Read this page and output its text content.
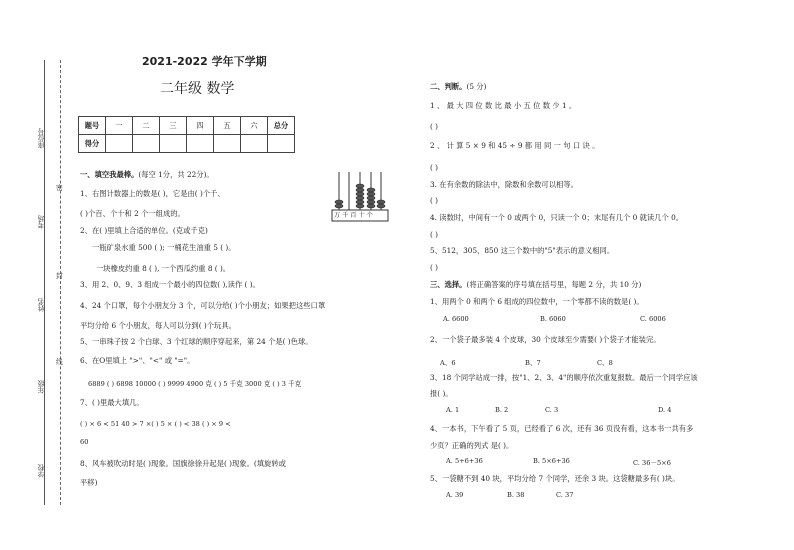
座位号
考场
姓名
年级
学校
密
封
线
2021-2022 学年下学期
二年级 数学
题号	一	二	三	四	五	六	总分
得分							
万 千 百 十 个
一、填空我最棒。(每空 1分，共 22分)。
1、右图计数器上的数是( )，它是由( )个千、
( )个百、个十和 2 个一组成的。
2、在( )里填上合适的单位。(克或千克)
一瓶矿泉水重 500 ( ); 一桶花生油重 5 ( )。
一块橡皮约重 8 ( ), 一个西瓜约重 8 ( )。
3、用 2、0、9、3 组成一个最小的四位数( ),读作 ( )。
4、24 个口罩，每个小朋友分 3 个，可以分给( )个小朋友；如果把这些口罩
平均分给 6 个小朋友，每人可以分到( )个玩具。
5、一串珠子按 2 个白球、3 个红球的顺序穿起来，第 24 个是( )色球。
6、在O里填上 ">"、"<" 或 "="。
6889 ( ) 6898 10000 ( ) 9999 4900 克 ( ) 5 千克 3000 克 ( ) 3 千克
7、( )里最大填几。
( ) × 6 < 51 40 > 7 ×( ) 5 × ( ) < 38 ( ) × 9 <
60
8、风车被吹动时是( )现象。国旗徐徐升起是( )现象。(填旋转或
平移)
二、判断。(5 分)
1 、 最 大 四 位 数 比 最 小 五 位 数 少 1 。
( )
2 、 计 算 5 × 9 和 45 ÷ 9 都 用 同 一 句 口 诀 。
( )
3. 在有余数的除法中，除数和余数可以相等。
( )
4. 读数时，中间有一个 0 或两个 0，只读一个 0；末尾有几个 0 就读几个 0。
( )
5、512，305，850 这三个数中的"5"表示的意义相同。
( )
三、选择。(将正确答案的序号填在括号里，每题 2 分，共 10 分)
1、用两个 0 和两个 6 组成的四位数中，一个零都不读的数是( )。
A. 6600	B. 6060	C. 6006
2、一个袋子最多装 4 个皮球，30 个皮球至少需要( )个袋子才能装完。
A、6	B、7	C、8
3、18 个同学站成一排，按"1、2、3、4"的顺序依次重复报数。最后一个同学应该
报( )。
A. 1	B. 2	C. 3	D. 4
4、一本书，下午看了 5 页，已经看了 6 次，还有 36 页没有看，这本书一共有多
少页？正确的列式 是( )。
A. 5+6+36	B. 5×6+36	C. 36－5×6
5、一袋糖不到 40 块，平均分给 7 个同学，还余 3 块。这袋糖最多有( )块。
A. 39	B. 38	C. 37
